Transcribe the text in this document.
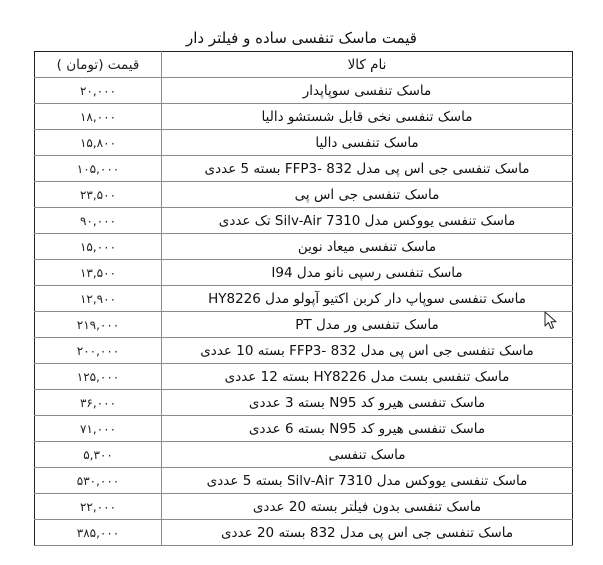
قیمت ماسک تنفسی ساده و فیلتر دار
نام کالا	قیمت (تومان )
ماسک تنفسی سوپاپدار	۲۰,۰۰۰
ماسک تنفسی نخی قابل شستشو دالیا	۱۸,۰۰۰
ماسک تنفسی دالیا	۱۵,۸۰۰
ماسک تنفسی جی اس پی مدل 832 -FFP3 بسته 5 عددی	۱۰۵,۰۰۰
ماسک تنفسی جی اس پی	۲۳,۵۰۰
ماسک تنفسی یووکس مدل Silv-Air 7310 تک عددی	۹۰,۰۰۰
ماسک تنفسی میعاد نوین	۱۵,۰۰۰
ماسک تنفسی رسپی نانو مدل I94	۱۳,۵۰۰
ماسک تنفسی سوپاپ دار کربن اکتیو آپولو مدل HY8226	۱۲,۹۰۰
ماسک تنفسی ور مدل PT	۲۱۹,۰۰۰
ماسک تنفسی جی اس پی مدل 832 -FFP3 بسته 10 عددی	۲۰۰,۰۰۰
ماسک تنفسی بست مدل HY8226 بسته 12 عددی	۱۲۵,۰۰۰
ماسک تنفسی هیرو کد N95 بسته 3 عددی	۳۶,۰۰۰
ماسک تنفسی هیرو کد N95 بسته 6 عددی	۷۱,۰۰۰
ماسک تنفسی	۵,۳۰۰
ماسک تنفسی یووکس مدل Silv-Air 7310 بسته 5 عددی	۵۳۰,۰۰۰
ماسک تنفسی بدون فیلتر بسته 20 عددی	۲۲,۰۰۰
ماسک تنفسی جی اس پی مدل 832 بسته 20 عددی	۳۸۵,۰۰۰
